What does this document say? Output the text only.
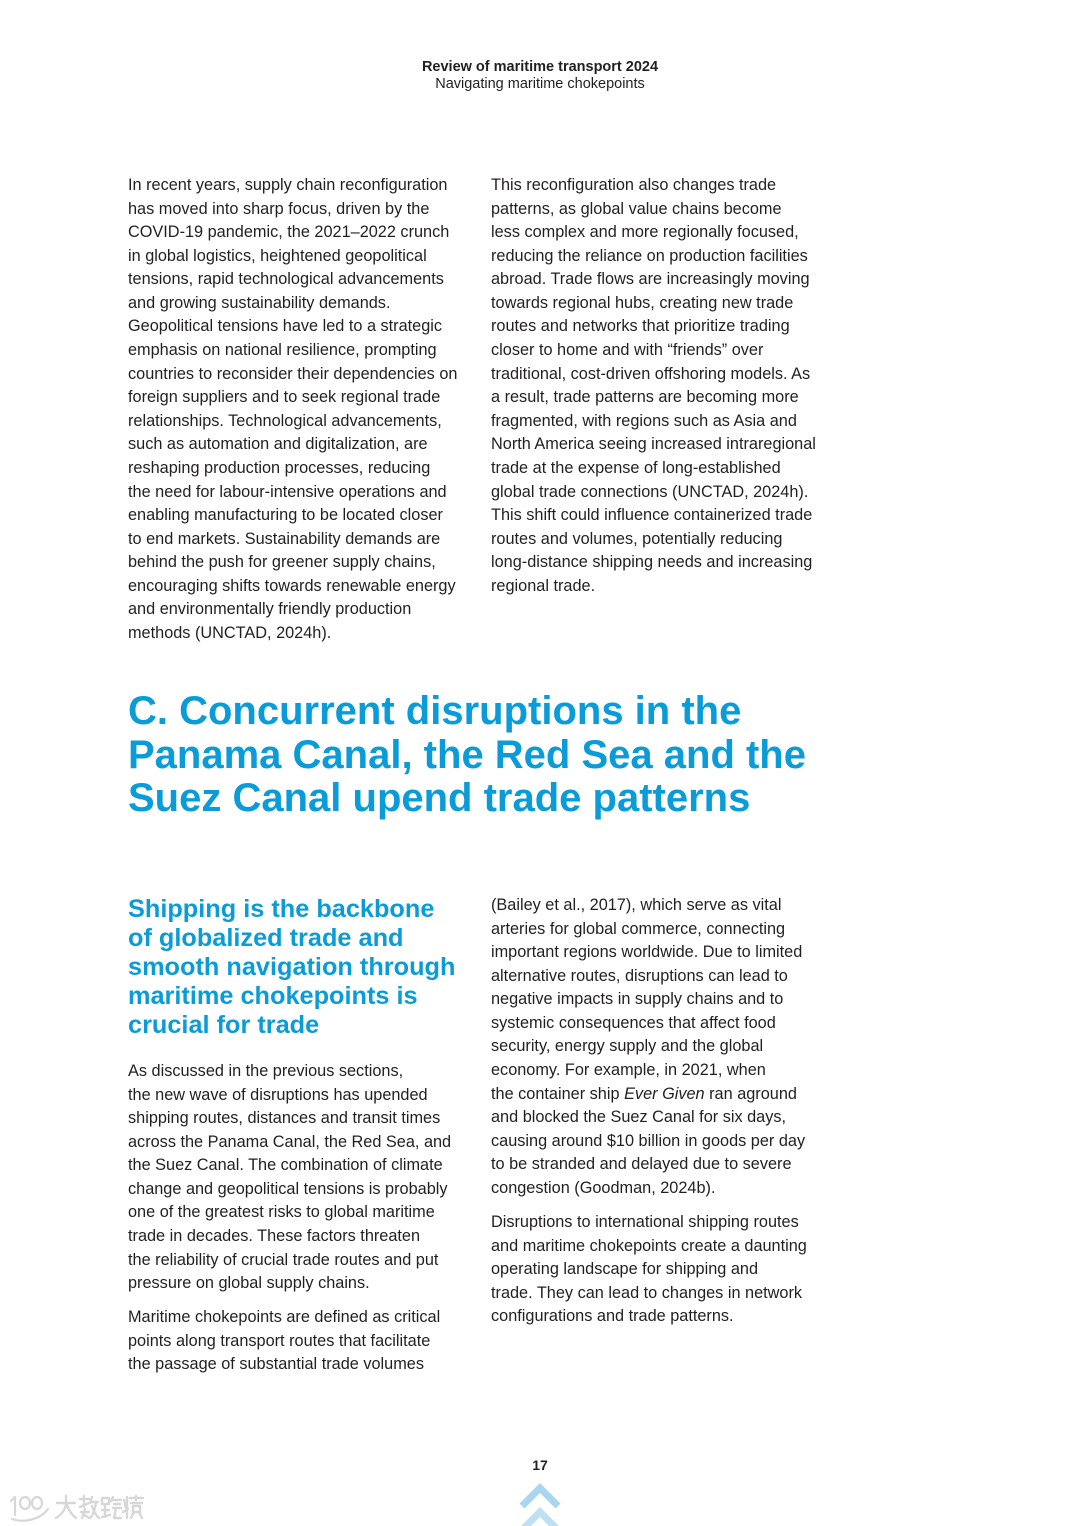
Review of maritime transport 2024
Navigating maritime chokepoints
In recent years, supply chain reconfiguration
has moved into sharp focus, driven by the
COVID-19 pandemic, the 2021–2022 crunch
in global logistics, heightened geopolitical
tensions, rapid technological advancements
and growing sustainability demands.
Geopolitical tensions have led to a strategic
emphasis on national resilience, prompting
countries to reconsider their dependencies on
foreign suppliers and to seek regional trade
relationships. Technological advancements,
such as automation and digitalization, are
reshaping production processes, reducing
the need for labour-intensive operations and
enabling manufacturing to be located closer
to end markets. Sustainability demands are
behind the push for greener supply chains,
encouraging shifts towards renewable energy
and environmentally friendly production
methods (UNCTAD, 2024h).
This reconfiguration also changes trade
patterns, as global value chains become
less complex and more regionally focused,
reducing the reliance on production facilities
abroad. Trade flows are increasingly moving
towards regional hubs, creating new trade
routes and networks that prioritize trading
closer to home and with “friends” over
traditional, cost-driven offshoring models. As
a result, trade patterns are becoming more
fragmented, with regions such as Asia and
North America seeing increased intraregional
trade at the expense of long-established
global trade connections (UNCTAD, 2024h).
This shift could influence containerized trade
routes and volumes, potentially reducing
long-distance shipping needs and increasing
regional trade.
C. Concurrent disruptions in the
Panama Canal, the Red Sea and the
Suez Canal upend trade patterns
Shipping is the backbone
of globalized trade and
smooth navigation through
maritime chokepoints is
crucial for trade
As discussed in the previous sections,
the new wave of disruptions has upended
shipping routes, distances and transit times
across the Panama Canal, the Red Sea, and
the Suez Canal. The combination of climate
change and geopolitical tensions is probably
one of the greatest risks to global maritime
trade in decades. These factors threaten
the reliability of crucial trade routes and put
pressure on global supply chains.
Maritime chokepoints are defined as critical
points along transport routes that facilitate
the passage of substantial trade volumes
(Bailey et al., 2017), which serve as vital
arteries for global commerce, connecting
important regions worldwide. Due to limited
alternative routes, disruptions can lead to
negative impacts in supply chains and to
systemic consequences that affect food
security, energy supply and the global
economy. For example, in 2021, when
the container ship Ever Given ran aground
and blocked the Suez Canal for six days,
causing around $10 billion in goods per day
to be stranded and delayed due to severe
congestion (Goodman, 2024b).
Disruptions to international shipping routes
and maritime chokepoints create a daunting
operating landscape for shipping and
trade. They can lead to changes in network
configurations and trade patterns.
17
